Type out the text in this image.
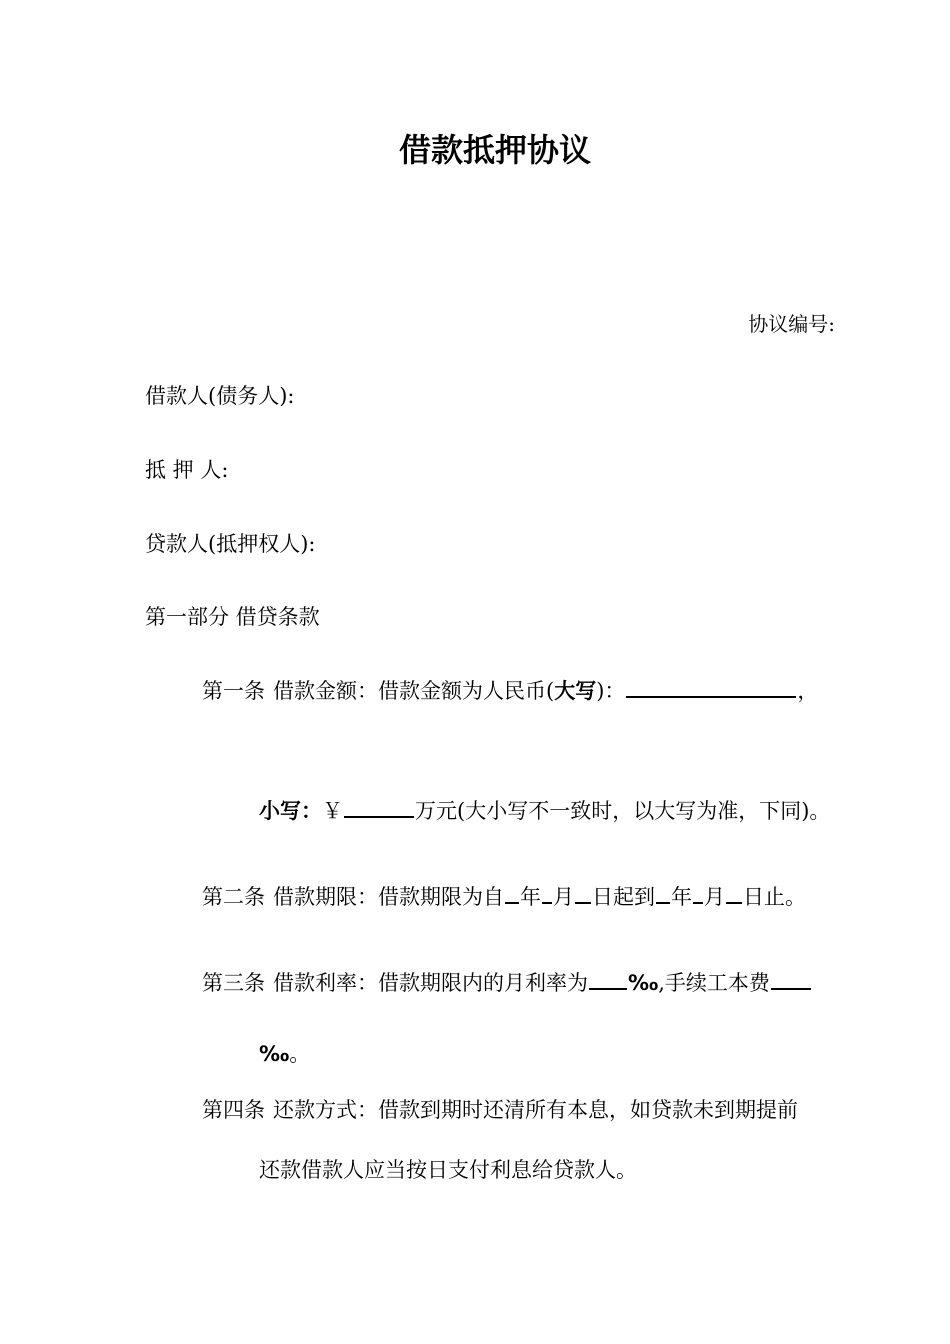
借款抵押协议
协议编号:
借款人(债务人):
抵 押 人:
贷款人(抵押权人):
第一部分 借贷条款
第一条 借款金额：借款金额为人民币(大写)：	，
小写：￥	万元(大小写不一致时，以大写为准，下同)。
第二条 借款期限：借款期限为自 年 月 日起到 年 月 日止。
第三条 借款利率：借款期限内的月利率为 ‰,手续工本费
‰。
第四条 还款方式：借款到期时还清所有本息，如贷款未到期提前
还款借款人应当按日支付利息给贷款人。
